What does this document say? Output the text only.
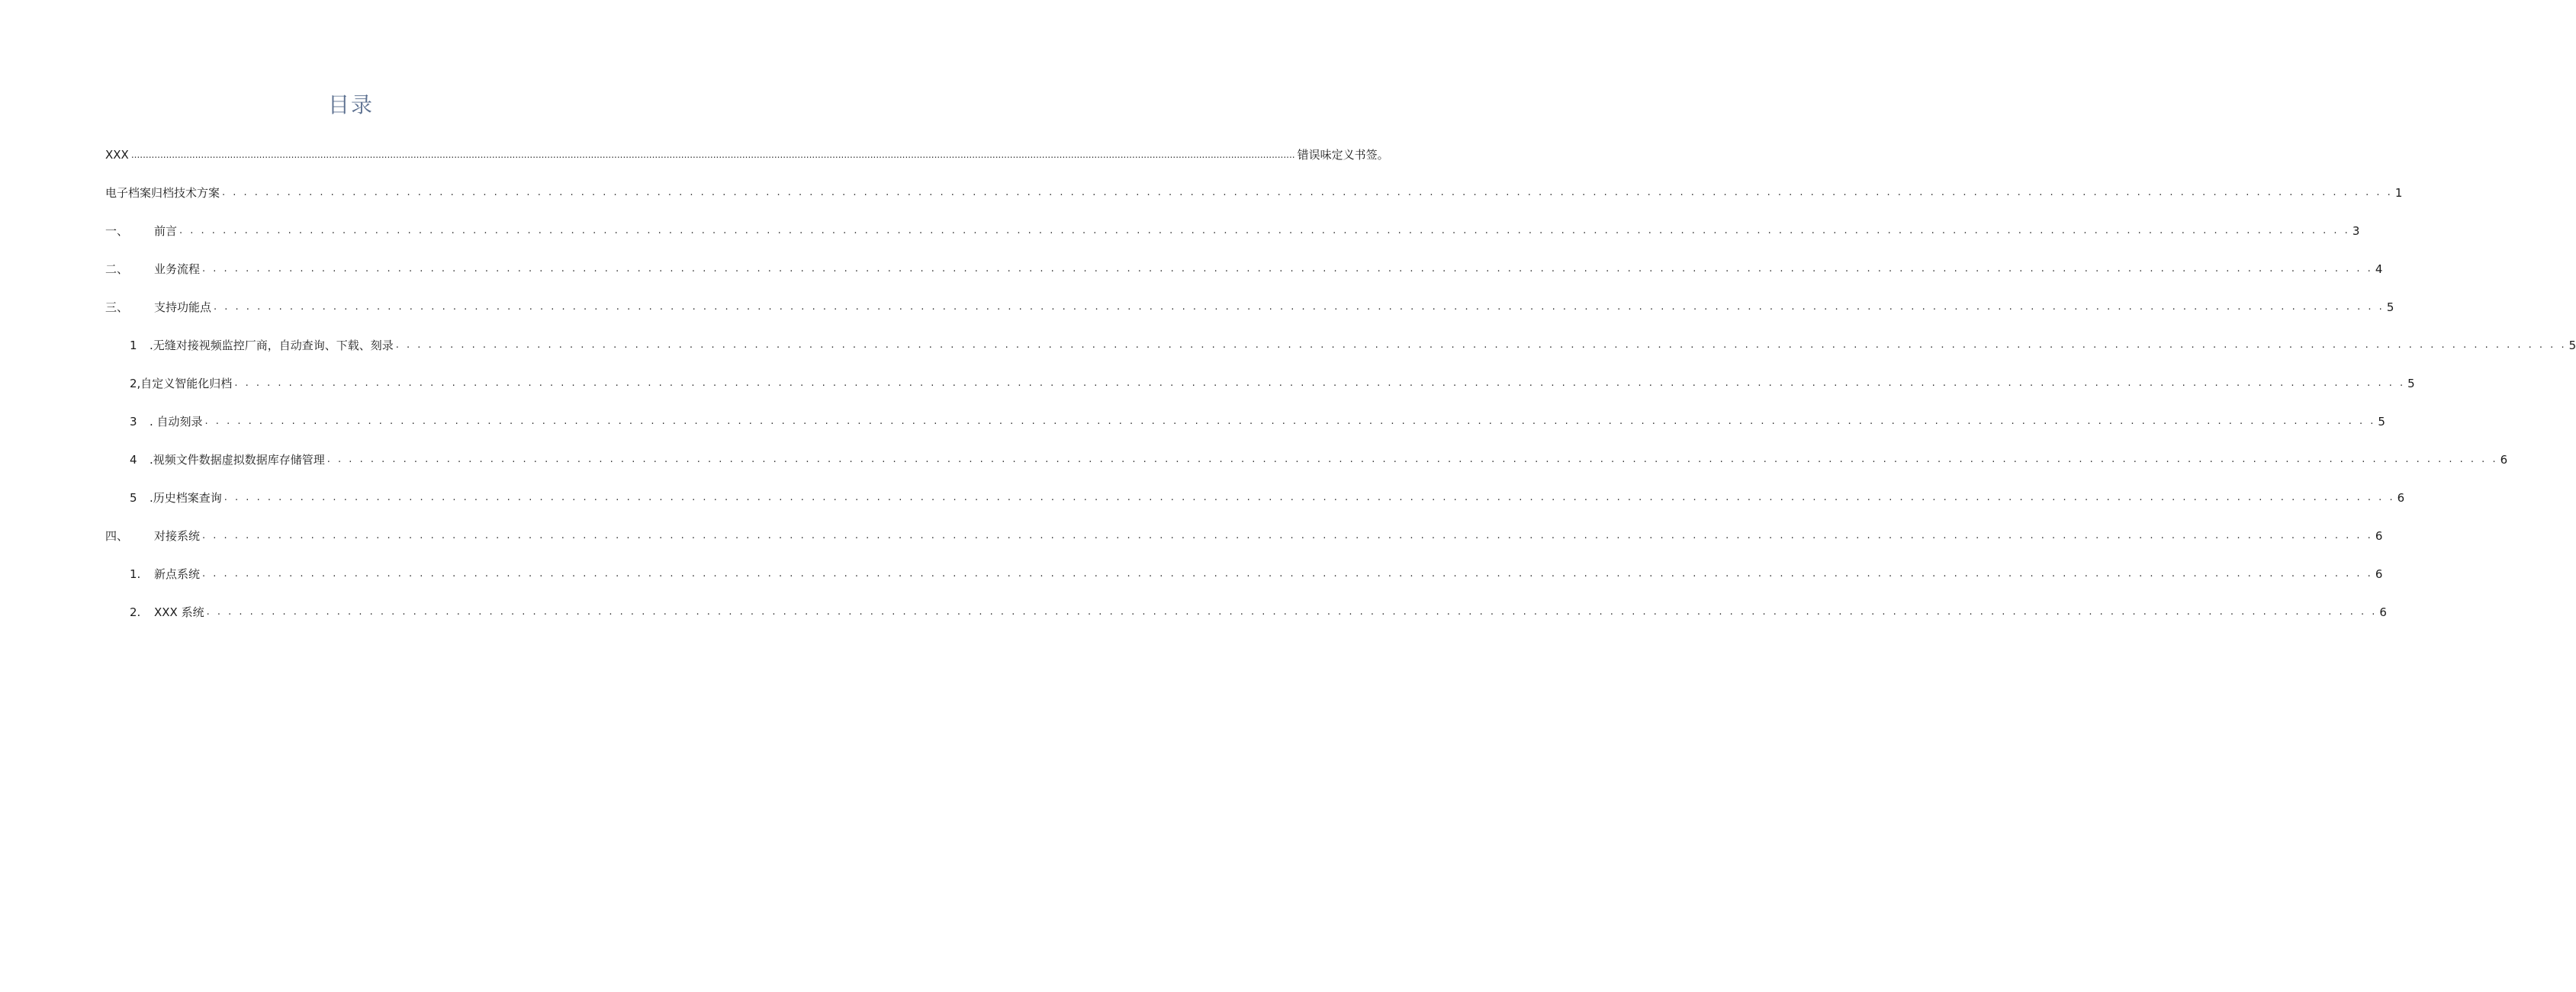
目录
XXX ................................................................................................................................................................................................................................................................................................................................................................................................................ 错误味定义书签。
电子档案归档技术方案 . . . . . . . . . . . . . . . . . . . . . . . . . . . . . . . . . . . . . . . . . . . . . . . . . . . . . . . . . . . . . . . . . . . . . . . . . . . . . . . . . . . . . . . . . . . . . . . . . . . . . . . . . . . . . . . . . . . . . . . . . . . . . . . . . . . . . . . . . . . . . . . . . . . . . . . . . . . . . . . . . . . . . . . . . . . . . . . . . . . . . . . . . . . . . . . . . . . . . . . . 1
一、	前言 . . . . . . . . . . . . . . . . . . . . . . . . . . . . . . . . . . . . . . . . . . . . . . . . . . . . . . . . . . . . . . . . . . . . . . . . . . . . . . . . . . . . . . . . . . . . . . . . . . . . . . . . . . . . . . . . . . . . . . . . . . . . . . . . . . . . . . . . . . . . . . . . . . . . . . . . . . . . . . . . . . . . . . . . . . . . . . . . . . . . . . . . . . . . . . . . . . . . . . . . 3
二、	业务流程 . . . . . . . . . . . . . . . . . . . . . . . . . . . . . . . . . . . . . . . . . . . . . . . . . . . . . . . . . . . . . . . . . . . . . . . . . . . . . . . . . . . . . . . . . . . . . . . . . . . . . . . . . . . . . . . . . . . . . . . . . . . . . . . . . . . . . . . . . . . . . . . . . . . . . . . . . . . . . . . . . . . . . . . . . . . . . . . . . . . . . . . . . . . . . . . . . . . . . . . . 4
三、	支持功能点 . . . . . . . . . . . . . . . . . . . . . . . . . . . . . . . . . . . . . . . . . . . . . . . . . . . . . . . . . . . . . . . . . . . . . . . . . . . . . . . . . . . . . . . . . . . . . . . . . . . . . . . . . . . . . . . . . . . . . . . . . . . . . . . . . . . . . . . . . . . . . . . . . . . . . . . . . . . . . . . . . . . . . . . . . . . . . . . . . . . . . . . . . . . . . . . . . . . . . . . . 5
1	.无缝对接视频监控厂商，自动查询、下载、刻录 . . . . . . . . . . . . . . . . . . . . . . . . . . . . . . . . . . . . . . . . . . . . . . . . . . . . . . . . . . . . . . . . . . . . . . . . . . . . . . . . . . . . . . . . . . . . . . . . . . . . . . . . . . . . . . . . . . . . . . . . . . . . . . . . . . . . . . . . . . . . . . . . . . . . . . . . . . . . . . . . . . . . . . . . . . . . . . . . . . . . . . . . . . . . . . . . . . . . . . . . 5
2,自定义智能化归档 . . . . . . . . . . . . . . . . . . . . . . . . . . . . . . . . . . . . . . . . . . . . . . . . . . . . . . . . . . . . . . . . . . . . . . . . . . . . . . . . . . . . . . . . . . . . . . . . . . . . . . . . . . . . . . . . . . . . . . . . . . . . . . . . . . . . . . . . . . . . . . . . . . . . . . . . . . . . . . . . . . . . . . . . . . . . . . . . . . . . . . . . . . . . . . . . . . . . . . . . 5
3	. 自动刻录 . . . . . . . . . . . . . . . . . . . . . . . . . . . . . . . . . . . . . . . . . . . . . . . . . . . . . . . . . . . . . . . . . . . . . . . . . . . . . . . . . . . . . . . . . . . . . . . . . . . . . . . . . . . . . . . . . . . . . . . . . . . . . . . . . . . . . . . . . . . . . . . . . . . . . . . . . . . . . . . . . . . . . . . . . . . . . . . . . . . . . . . . . . . . . . . . . . . . . . . . 5
4	.视频文件数据虚拟数据库存储管理 . . . . . . . . . . . . . . . . . . . . . . . . . . . . . . . . . . . . . . . . . . . . . . . . . . . . . . . . . . . . . . . . . . . . . . . . . . . . . . . . . . . . . . . . . . . . . . . . . . . . . . . . . . . . . . . . . . . . . . . . . . . . . . . . . . . . . . . . . . . . . . . . . . . . . . . . . . . . . . . . . . . . . . . . . . . . . . . . . . . . . . . . . . . . . . . . . . . . . . . . 6
5	.历史档案查询 . . . . . . . . . . . . . . . . . . . . . . . . . . . . . . . . . . . . . . . . . . . . . . . . . . . . . . . . . . . . . . . . . . . . . . . . . . . . . . . . . . . . . . . . . . . . . . . . . . . . . . . . . . . . . . . . . . . . . . . . . . . . . . . . . . . . . . . . . . . . . . . . . . . . . . . . . . . . . . . . . . . . . . . . . . . . . . . . . . . . . . . . . . . . . . . . . . . . . . . . 6
四、	对接系统 . . . . . . . . . . . . . . . . . . . . . . . . . . . . . . . . . . . . . . . . . . . . . . . . . . . . . . . . . . . . . . . . . . . . . . . . . . . . . . . . . . . . . . . . . . . . . . . . . . . . . . . . . . . . . . . . . . . . . . . . . . . . . . . . . . . . . . . . . . . . . . . . . . . . . . . . . . . . . . . . . . . . . . . . . . . . . . . . . . . . . . . . . . . . . . . . . . . . . . . . 6
1.	新点系统 . . . . . . . . . . . . . . . . . . . . . . . . . . . . . . . . . . . . . . . . . . . . . . . . . . . . . . . . . . . . . . . . . . . . . . . . . . . . . . . . . . . . . . . . . . . . . . . . . . . . . . . . . . . . . . . . . . . . . . . . . . . . . . . . . . . . . . . . . . . . . . . . . . . . . . . . . . . . . . . . . . . . . . . . . . . . . . . . . . . . . . . . . . . . . . . . . . . . . . . . 6
2.	XXX 系统 . . . . . . . . . . . . . . . . . . . . . . . . . . . . . . . . . . . . . . . . . . . . . . . . . . . . . . . . . . . . . . . . . . . . . . . . . . . . . . . . . . . . . . . . . . . . . . . . . . . . . . . . . . . . . . . . . . . . . . . . . . . . . . . . . . . . . . . . . . . . . . . . . . . . . . . . . . . . . . . . . . . . . . . . . . . . . . . . . . . . . . . . . . . . . . . . . . . . . . . . 6
